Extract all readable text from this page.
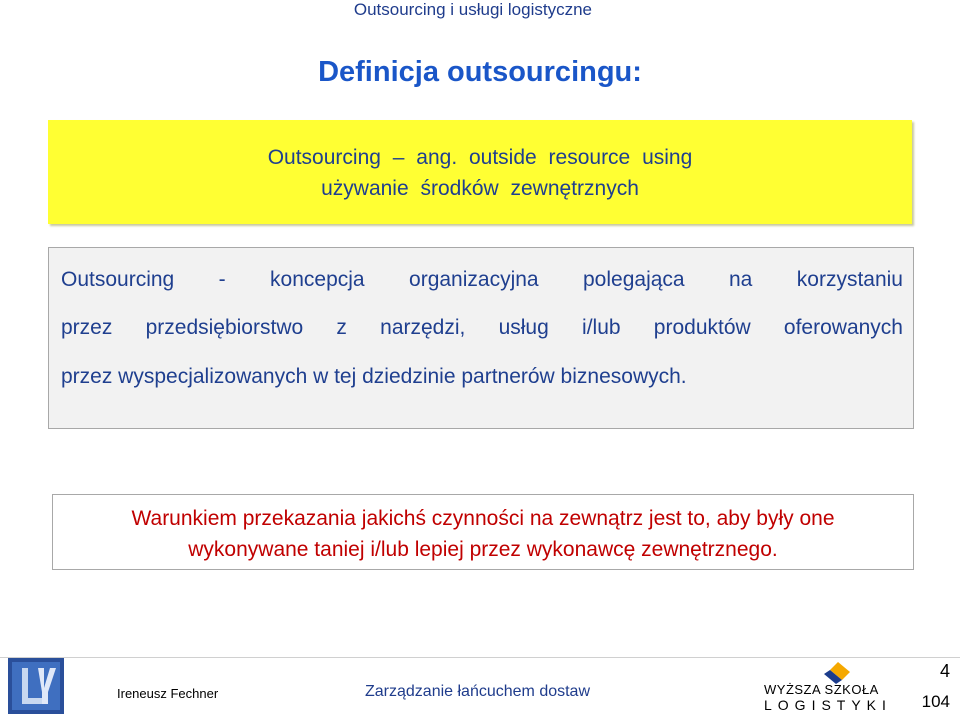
Outsourcing i usługi logistyczne
Definicja outsourcingu:
Outsourcing – ang. outside resource using
używanie środków zewnętrznych

Outsourcing - koncepcja organizacyjna polegająca na korzystaniu

przez przedsiębiorstwo z narzędzi, usług i/lub produktów oferowanych

przez wyspecjalizowanych w tej dziedzinie partnerów biznesowych.

Warunkiem przekazania jakichś czynności na zewnątrz jest to, aby były one

wykonywane taniej i/lub lepiej przez wykonawcę zewnętrznego.

Ireneusz Fechner	Zarządzanie łańcuchem dostaw	WYŻSZA SZKOŁA
LOGISTYKI
4
104
